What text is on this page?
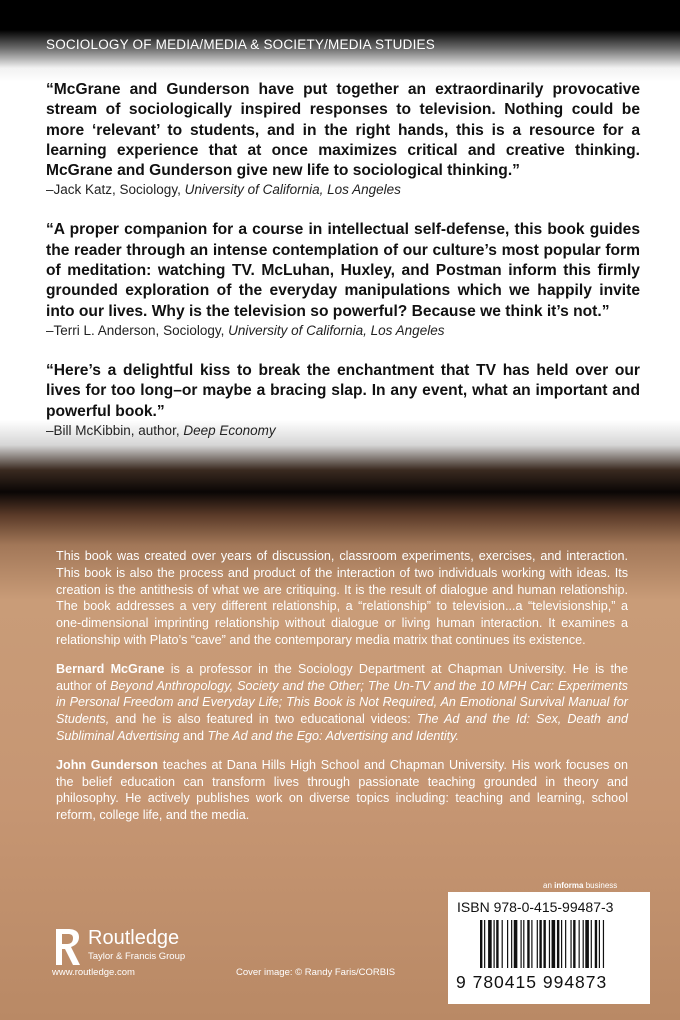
SOCIOLOGY OF MEDIA/MEDIA & SOCIETY/MEDIA STUDIES

“McGrane and Gunderson have put together an extraordinarily provocative stream of sociologically inspired responses to television. Nothing could be more ‘relevant’ to students, and in the right hands, this is a resource for a learning experience that at once maximizes critical and creative thinking. McGrane and Gunderson give new life to sociological thinking.”

–Jack Katz, Sociology, University of California, Los Angeles

“A proper companion for a course in intellectual self-defense, this book guides the reader through an intense contemplation of our culture’s most popular form of meditation: watching TV. McLuhan, Huxley, and Postman inform this firmly grounded exploration of the everyday manipulations which we happily invite into our lives. Why is the television so powerful? Because we think it’s not.”

–Terri L. Anderson, Sociology, University of California, Los Angeles

“Here’s a delightful kiss to break the enchantment that TV has held over our lives for too long–or maybe a bracing slap. In any event, what an important and powerful book.”

–Bill McKibbin, author, Deep Economy

This book was created over years of discussion, classroom experiments, exercises, and interaction. This book is also the process and product of the interaction of two individuals working with ideas. Its creation is the antithesis of what we are critiquing. It is the result of dialogue and human relationship. The book addresses a very different relationship, a “relationship” to television...a “televisionship,” a one-dimensional imprinting relationship without dialogue or living human interaction. It examines a relationship with Plato’s “cave” and the contemporary media matrix that continues its existence.

Bernard McGrane is a professor in the Sociology Department at Chapman University. He is the author of Beyond Anthropology, Society and the Other; The Un-TV and the 10 MPH Car: Experiments in Personal Freedom and Everyday Life; This Book is Not Required, An Emotional Survival Manual for Students, and he is also featured in two educational videos: The Ad and the Id: Sex, Death and Subliminal Advertising and The Ad and the Ego: Advertising and Identity.

John Gunderson teaches at Dana Hills High School and Chapman University. His work focuses on the belief education can transform lives through passionate teaching grounded in theory and philosophy. He actively publishes work on diverse topics including: teaching and learning, school reform, college life, and the media.

an informa business
ISBN 978-0-415-99487-3
9 780415 994873
Routledge
Taylor & Francis Group
www.routledge.com	Cover image: © Randy Faris/CORBIS
